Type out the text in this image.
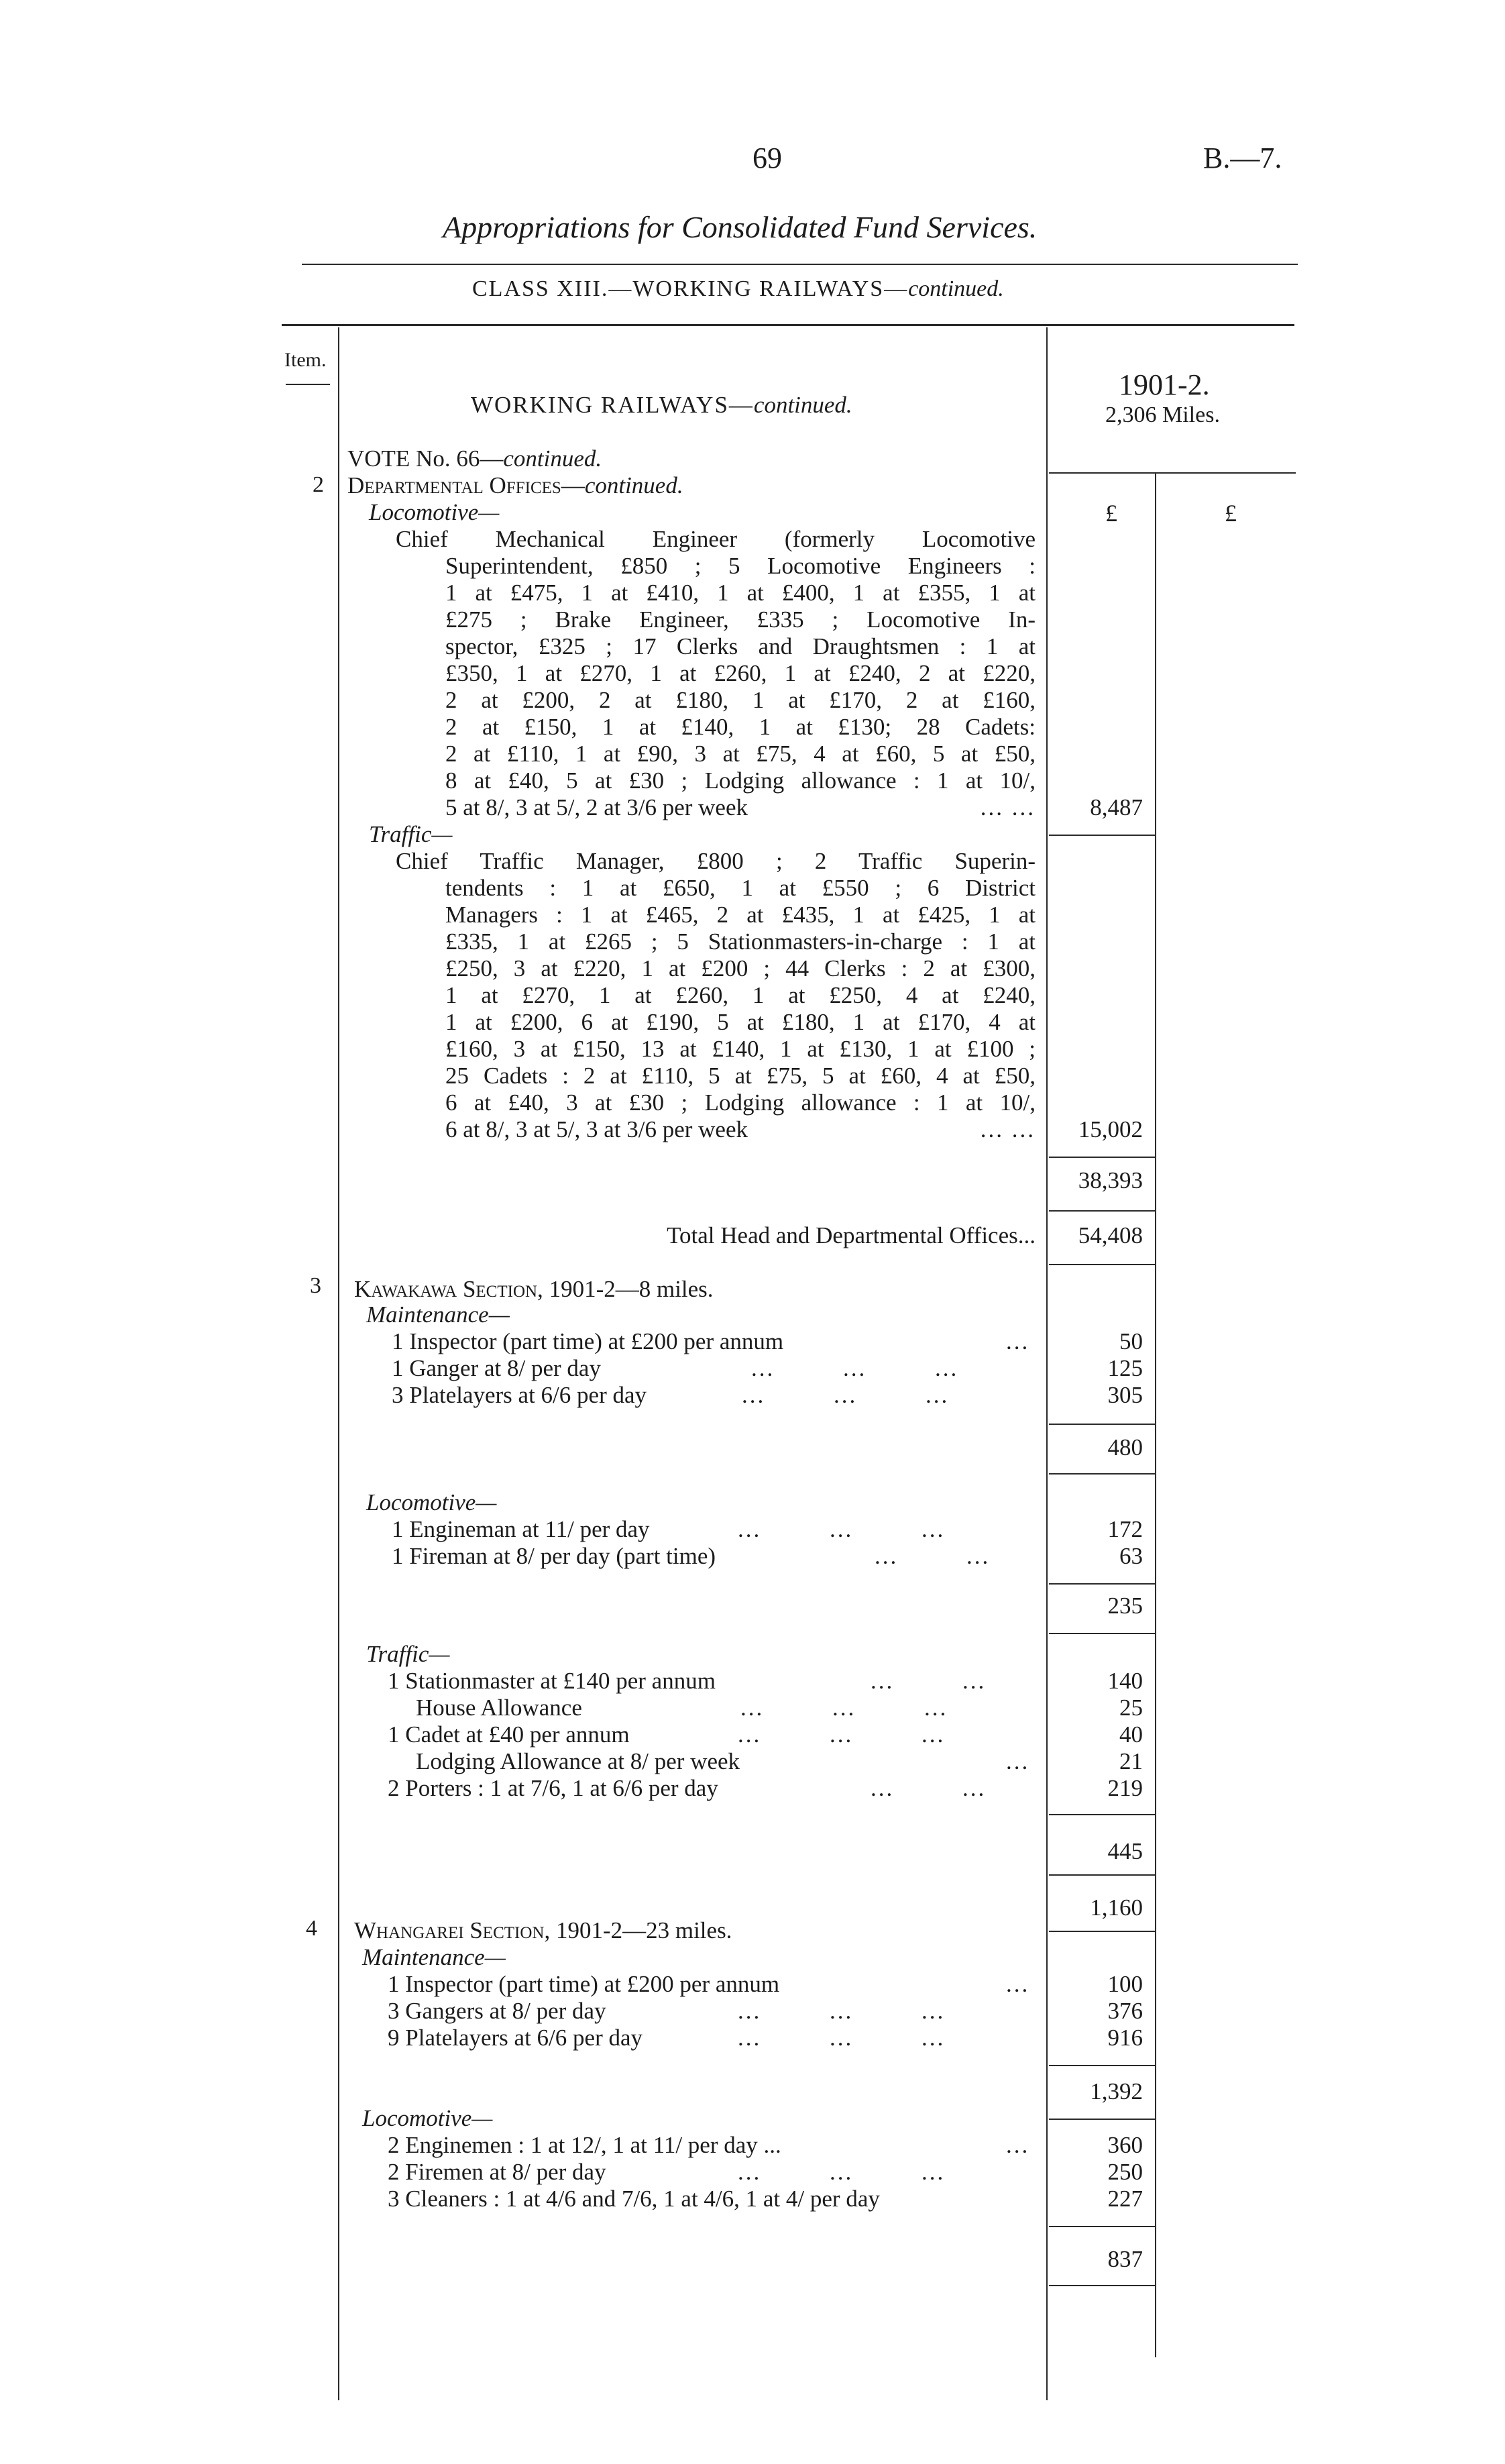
69	B.—7.
Appropriations for Consolidated Fund Services.
CLASS XIII.—WORKING RAILWAYS—continued.
Item.
1901-2.
2,306 Miles.
£	£
WORKING RAILWAYS—continued.
VOTE No. 66—continued.
2 Departmental Offices—continued.
Locomotive—
Chief Mechanical Engineer (formerly Locomotive
Superintendent, £850 ; 5 Locomotive Engineers :
1 at £475, 1 at £410, 1 at £400, 1 at £355, 1 at
£275 ; Brake Engineer, £335 ; Locomotive In-
spector, £325 ; 17 Clerks and Draughtsmen : 1 at
£350, 1 at £270, 1 at £260, 1 at £240, 2 at £220,
2 at £200, 2 at £180, 1 at £170, 2 at £160,
2 at £150, 1 at £140, 1 at £130; 28 Cadets:
2 at £110, 1 at £90, 3 at £75, 4 at £60, 5 at £50,
8 at £40, 5 at £30 ; Lodging allowance : 1 at 10/,
5 at 8/, 3 at 5/, 2 at 3/6 per week	... ... 8,487
Traffic—
Chief Traffic Manager, £800 ; 2 Traffic Superin-
tendents : 1 at £650, 1 at £550 ; 6 District
Managers : 1 at £465, 2 at £435, 1 at £425, 1 at
£335, 1 at £265 ; 5 Stationmasters-in-charge : 1 at
£250, 3 at £220, 1 at £200 ; 44 Clerks : 2 at £300,
1 at £270, 1 at £260, 1 at £250, 4 at £240,
1 at £200, 6 at £190, 5 at £180, 1 at £170, 4 at
£160, 3 at £150, 13 at £140, 1 at £130, 1 at £100 ;
25 Cadets : 2 at £110, 5 at £75, 5 at £60, 4 at £50,
6 at £40, 3 at £30 ; Lodging allowance : 1 at 10/,
6 at 8/, 3 at 5/, 3 at 3/6 per week	... ... 15,002
38,393
Total Head and Departmental Offices... 54,408
3 Kawakawa Section, 1901-2—8 miles.
Maintenance—
1 Inspector (part time) at £200 per annum	...	50
1 Ganger at 8/ per day	... ... ...	125
3 Platelayers at 6/6 per day	... ... ...	305
480
Locomotive—
1 Engineman at 11/ per day	... ... ...	172
1 Fireman at 8/ per day (part time)	... ...	63
235
Traffic—
1 Stationmaster at £140 per annum	... ...	140
House Allowance	... ... ...	25
1 Cadet at £40 per annum	... ... ...	40
Lodging Allowance at 8/ per week	...	21
2 Porters : 1 at 7/6, 1 at 6/6 per day	... ...	219
445
1,160
4 Whangarei Section, 1901-2—23 miles.
Maintenance—
1 Inspector (part time) at £200 per annum	...	100
3 Gangers at 8/ per day	... ... ...	376
9 Platelayers at 6/6 per day	... ... ...	916
1,392
Locomotive—
2 Enginemen : 1 at 12/, 1 at 11/ per day ...	...	360
2 Firemen at 8/ per day	... ... ...	250
3 Cleaners : 1 at 4/6 and 7/6, 1 at 4/6, 1 at 4/ per day	227
837
